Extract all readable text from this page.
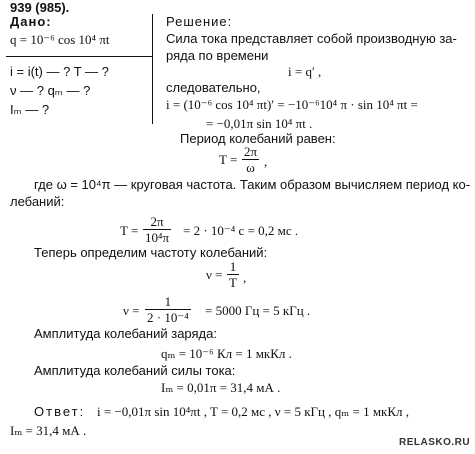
939 (985).
Дано:
q = 10⁻⁶ cos 10⁴ πt
i = i(t) — ? T — ?
ν — ? qₘ — ?
Iₘ — ?
Решение:
Сила тока представляет собой производную за-
ряда по времени
i = q′ ,
следовательно,
i = (10⁻⁶ cos 10⁴ πt)′ = −10⁻⁶10⁴ π · sin 10⁴ πt =
= −0,01π sin 10⁴ πt .
Период колебаний равен:
$T = \frac{2\pi}{\omega}$ ,
где ω = 10⁴π — круговая частота. Таким образом вычисляем период ко-
лебаний:
$T = \frac{2\pi}{\text{10⁴π}} = 2 \cdot 10^{-4}$ с = 0,2 мс .
Теперь определим частоту колебаний:
$\nu = \frac{1}{T}$ ,
$\nu = \frac{1}{\text{2 · 10⁻⁴}} = 5000$ Гц = 5 кГц .
Амплитуда колебаний заряда:
qₘ = 10⁻⁶ Кл = 1 мкКл .
Амплитуда колебаний силы тока:
Iₘ = 0,01π = 31,4 мА .
Ответ: i = −0,01π sin 10⁴πt , T = 0,2 мс , ν = 5 кГц , qₘ = 1 мкКл ,
Iₘ = 31,4 мА .
RELASKO.RU
